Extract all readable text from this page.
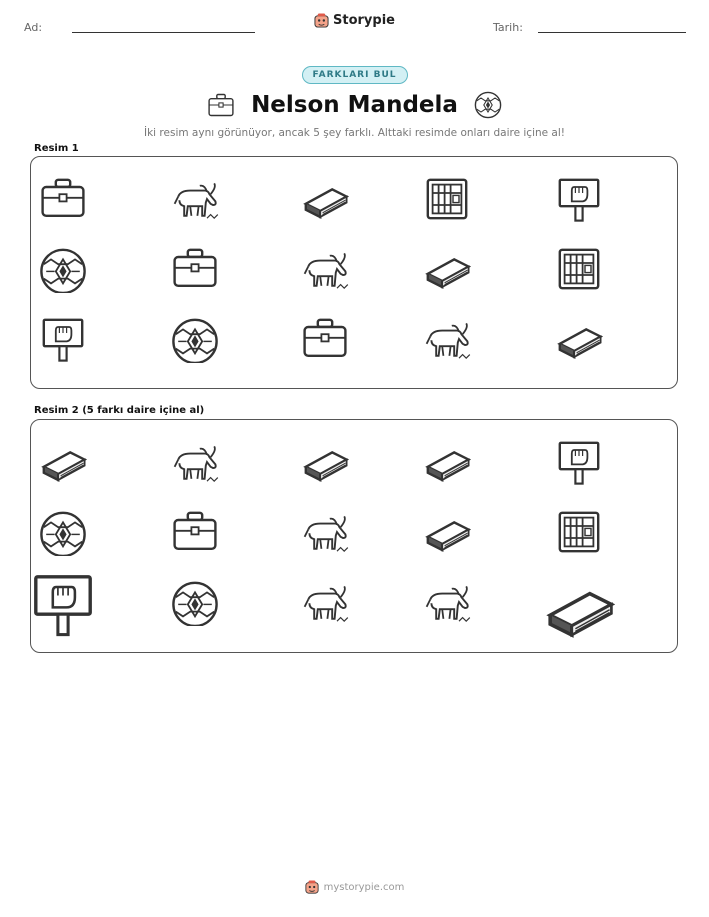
Ad:	Storypie	Tarih:
FARKLARI BUL
Nelson Mandela
İki resim aynı görünüyor, ancak 5 şey farklı. Alttaki resimde onları daire içine al!
Resim 1
Resim 2 (5 farkı daire içine al)
mystorypie.com
